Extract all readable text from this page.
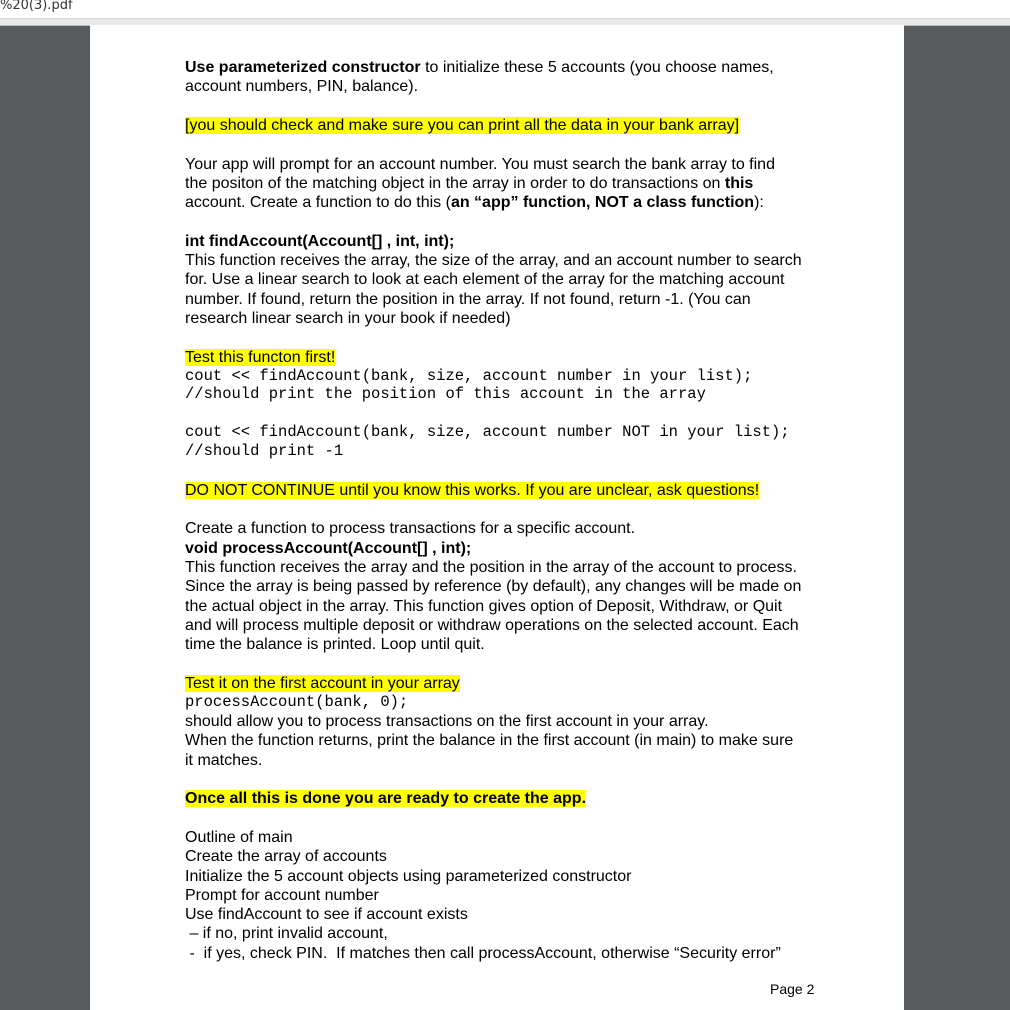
%20(3).pdf
Use parameterized constructor to initialize these 5 accounts (you choose names,
account numbers, PIN, balance).
[you should check and make sure you can print all the data in your bank array]
Your app will prompt for an account number. You must search the bank array to find
the positon of the matching object in the array in order to do transactions on this
account. Create a function to do this (an “app” function, NOT a class function):
int findAccount(Account[] , int, int);
This function receives the array, the size of the array, and an account number to search
for. Use a linear search to look at each element of the array for the matching account
number. If found, return the position in the array. If not found, return -1. (You can
research linear search in your book if needed)
Test this functon first!
cout << findAccount(bank, size, account number in your list);
//should print the position of this account in the array
cout << findAccount(bank, size, account number NOT in your list);
//should print -1
DO NOT CONTINUE until you know this works. If you are unclear, ask questions!
Create a function to process transactions for a specific account.
void processAccount(Account[] , int);
This function receives the array and the position in the array of the account to process.
Since the array is being passed by reference (by default), any changes will be made on
the actual object in the array. This function gives option of Deposit, Withdraw, or Quit
and will process multiple deposit or withdraw operations on the selected account. Each
time the balance is printed. Loop until quit.
Test it on the first account in your array
processAccount(bank, 0);
should allow you to process transactions on the first account in your array.
When the function returns, print the balance in the first account (in main) to make sure
it matches.
Once all this is done you are ready to create the app.
Outline of main
Create the array of accounts
Initialize the 5 account objects using parameterized constructor
Prompt for account number
Use findAccount to see if account exists
– if no, print invalid account,
-  if yes, check PIN.  If matches then call processAccount, otherwise “Security error”
Page 2
